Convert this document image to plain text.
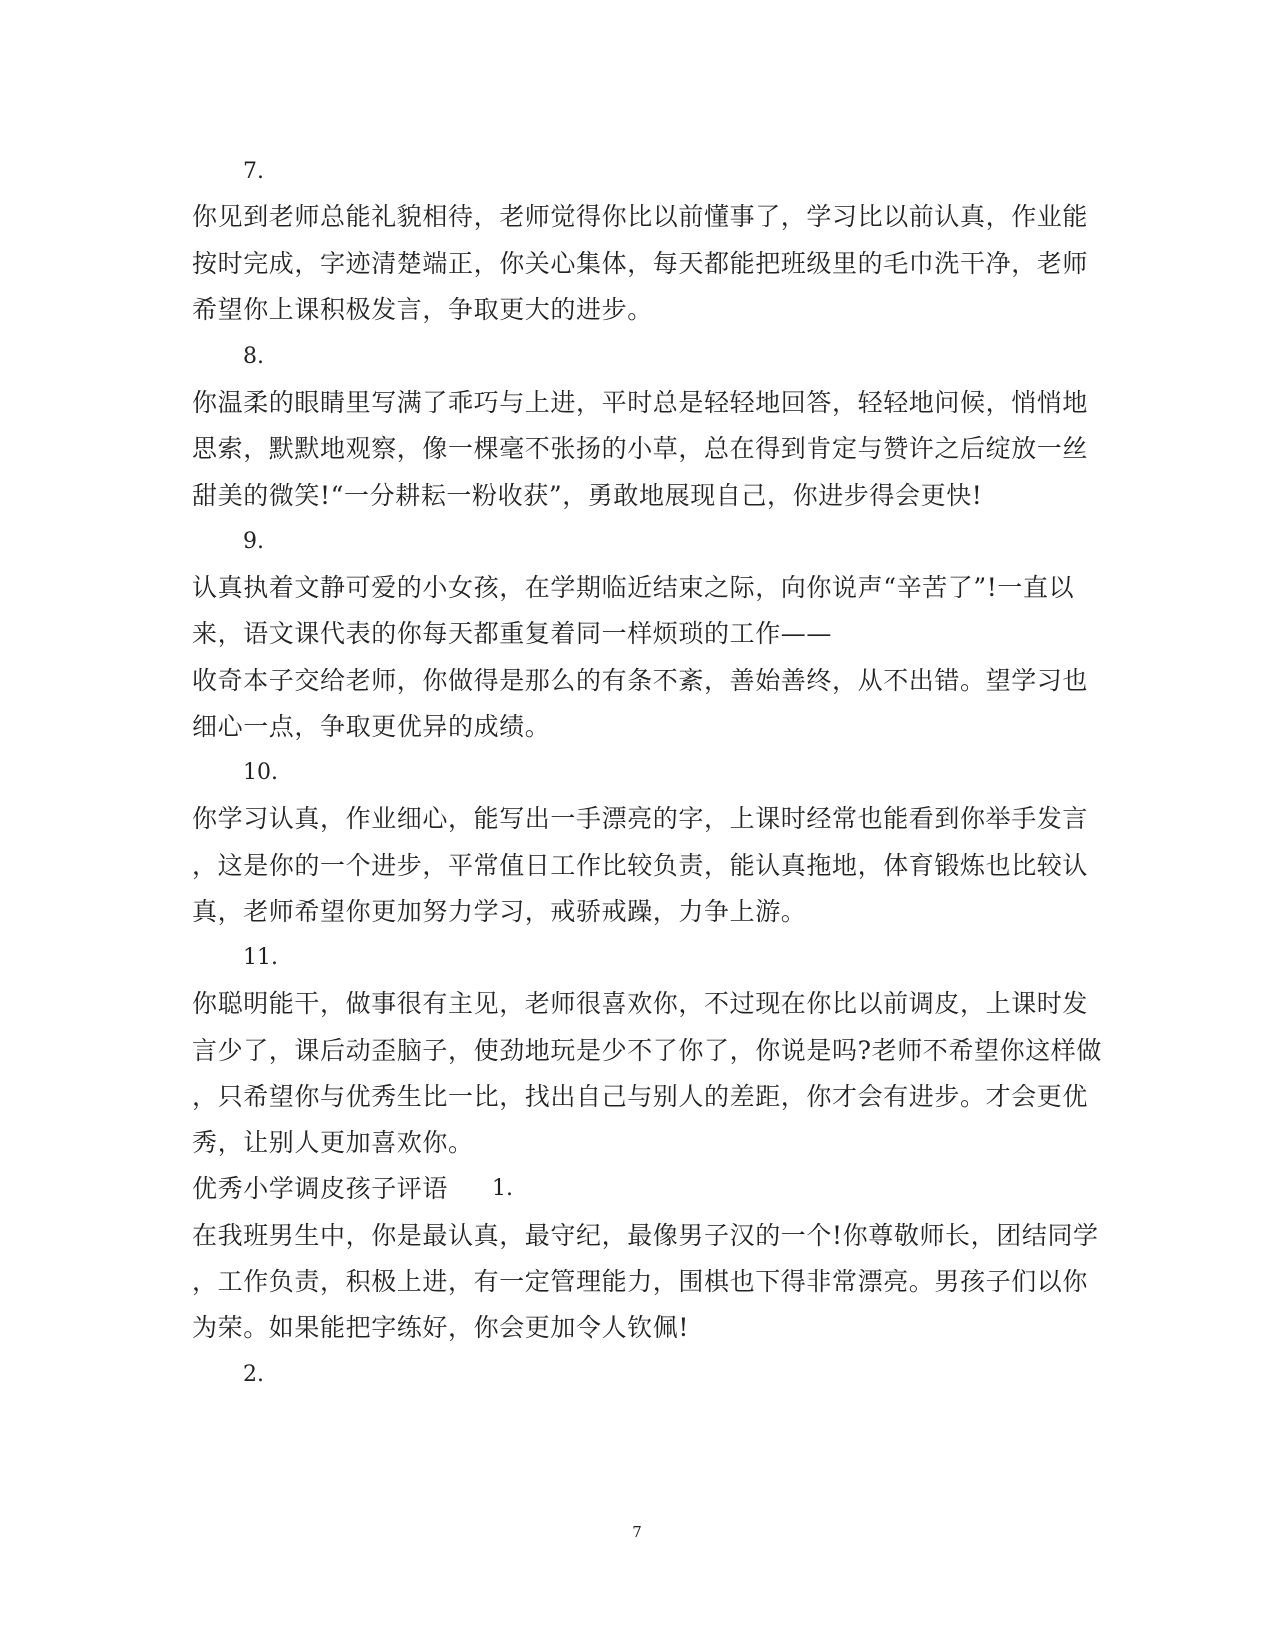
7.
你见到老师总能礼貌相待，老师觉得你比以前懂事了，学习比以前认真，作业能
按时完成，字迹清楚端正，你关心集体，每天都能把班级里的毛巾洗干净，老师
希望你上课积极发言，争取更大的进步。
8.
你温柔的眼睛里写满了乖巧与上进，平时总是轻轻地回答，轻轻地问候，悄悄地
思索，默默地观察，像一棵毫不张扬的小草，总在得到肯定与赞许之后绽放一丝
甜美的微笑!“一分耕耘一粉收获”，勇敢地展现自己，你进步得会更快!
9.
认真执着文静可爱的小女孩，在学期临近结束之际，向你说声“辛苦了”!一直以
来，语文课代表的你每天都重复着同一样烦琐的工作——
收奇本子交给老师，你做得是那么的有条不紊，善始善终，从不出错。望学习也
细心一点，争取更优异的成绩。
10.
你学习认真，作业细心，能写出一手漂亮的字，上课时经常也能看到你举手发言
，这是你的一个进步，平常值日工作比较负责，能认真拖地，体育锻炼也比较认
真，老师希望你更加努力学习，戒骄戒躁，力争上游。
11.
你聪明能干，做事很有主见，老师很喜欢你，不过现在你比以前调皮，上课时发
言少了，课后动歪脑子，使劲地玩是少不了你了，你说是吗?老师不希望你这样做
，只希望你与优秀生比一比，找出自己与别人的差距，你才会有进步。才会更优
秀，让别人更加喜欢你。
优秀小学调皮孩子评语 1.
在我班男生中，你是最认真，最守纪，最像男子汉的一个!你尊敬师长，团结同学
，工作负责，积极上进，有一定管理能力，围棋也下得非常漂亮。男孩子们以你
为荣。如果能把字练好，你会更加令人钦佩!
2.
7
